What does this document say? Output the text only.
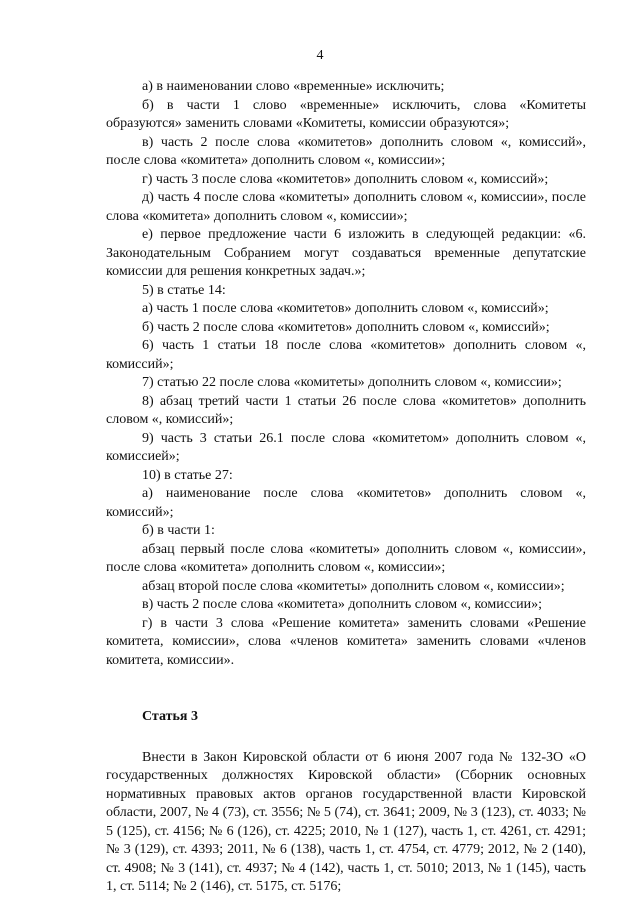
4

а) в наименовании слово «временные» исключить;

б) в части 1 слово «временные» исключить, слова «Комитеты образуются» заменить словами «Комитеты, комиссии образуются»;

в) часть 2 после слова «комитетов» дополнить словом «, комиссий», после слова «комитета» дополнить словом «, комиссии»;

г) часть 3 после слова «комитетов» дополнить словом «, комиссий»;

д) часть 4 после слова «комитеты» дополнить словом «, комиссии», после слова «комитета» дополнить словом «, комиссии»;

е) первое предложение части 6 изложить в следующей редакции: «6. Законодательным Собранием могут создаваться временные депутатские комиссии для решения конкретных задач.»;

5) в статье 14:

а) часть 1 после слова «комитетов» дополнить словом «, комиссий»;

б) часть 2 после слова «комитетов» дополнить словом «, комиссий»;

6) часть 1 статьи 18 после слова «комитетов» дополнить словом «, комиссий»;

7) статью 22 после слова «комитеты» дополнить словом «, комиссии»;

8) абзац третий части 1 статьи 26 после слова «комитетов» дополнить словом «, комиссий»;

9) часть 3 статьи 26.1 после слова «комитетом» дополнить словом «, комиссией»;

10) в статье 27:

а) наименование после слова «комитетов» дополнить словом «, комиссий»;

б) в части 1:

абзац первый после слова «комитеты» дополнить словом «, комиссии», после слова «комитета» дополнить словом «, комиссии»;

абзац второй после слова «комитеты» дополнить словом «, комиссии»;

в) часть 2 после слова «комитета» дополнить словом «, комиссии»;

г) в части 3 слова «Решение комитета» заменить словами «Решение комитета, комиссии», слова «членов комитета» заменить словами «членов комитета, комиссии».

Статья 3

Внести в Закон Кировской области от 6 июня 2007 года № 132-ЗО «О государственных должностях Кировской области» (Сборник основных нормативных правовых актов органов государственной власти Кировской области, 2007, № 4 (73), ст. 3556; № 5 (74), ст. 3641; 2009, № 3 (123), ст. 4033; № 5 (125), ст. 4156; № 6 (126), ст. 4225; 2010, № 1 (127), часть 1, ст. 4261, ст. 4291; № 3 (129), ст. 4393; 2011, № 6 (138), часть 1, ст. 4754, ст. 4779; 2012, № 2 (140), ст. 4908; № 3 (141), ст. 4937; № 4 (142), часть 1, ст. 5010; 2013, № 1 (145), часть 1, ст. 5114; № 2 (146), ст. 5175, ст. 5176;
